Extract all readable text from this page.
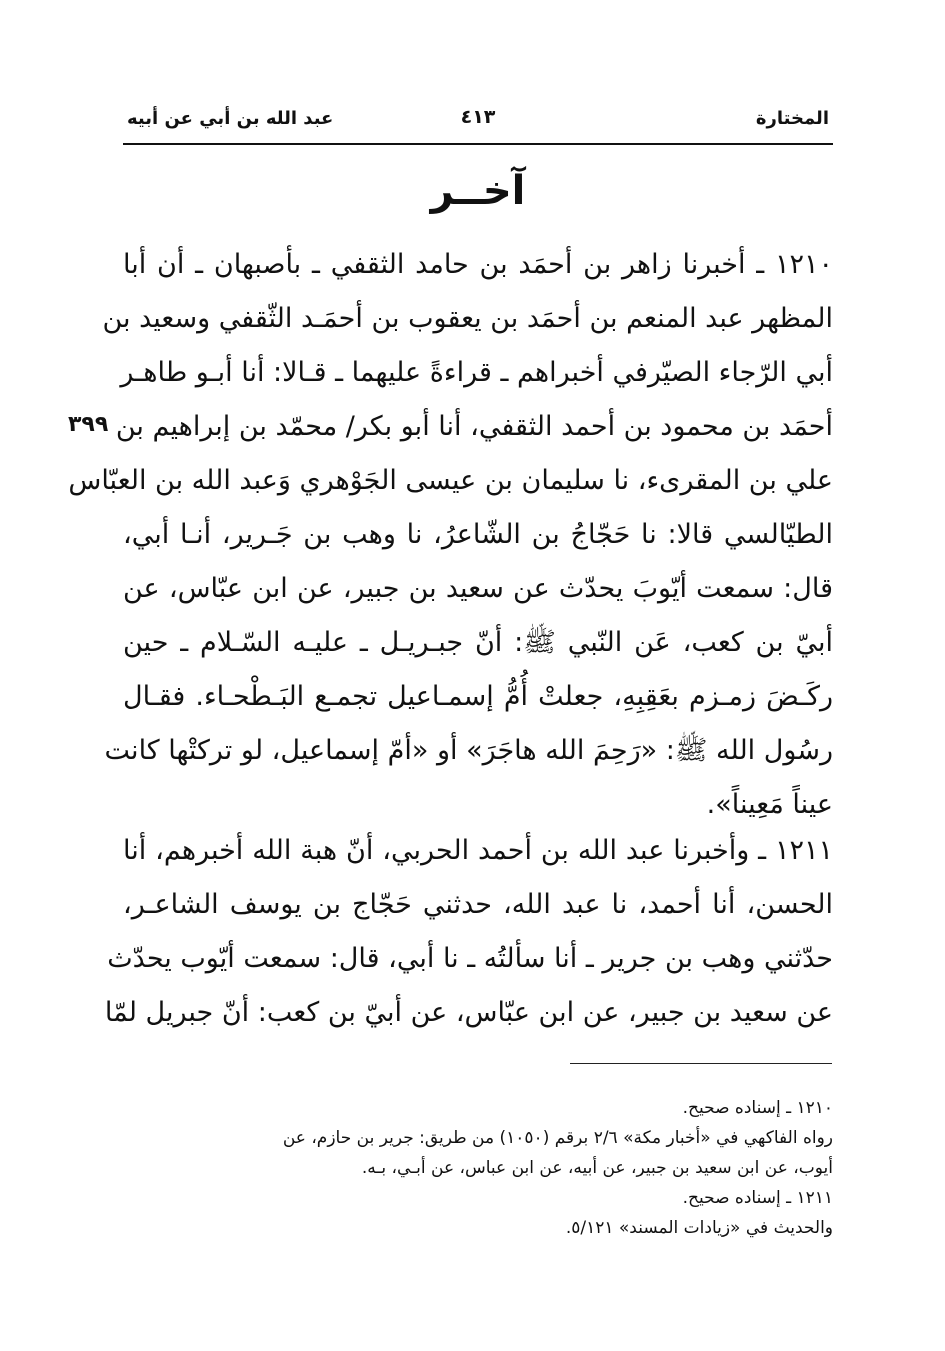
المختارة
٤١٣
عبد الله بن أبي عن أبيه
آخــر
٣٩٩
١٢١٠ ـ أخبرنا زاهر بن أحمَد بن حامد الثقفي ـ بأصبهان ـ أن أبا
المظهر عبد المنعم بن أحمَد بن يعقوب بن أحمَـد الثّقفي وسعيد بن
أبي الرّجاء الصيّرفي أخبراهم ـ قراءةً عليهما ـ قـالا: أنا أبـو طاهـر
أحمَد بن محمود بن أحمد الثقفي، أنا أبو بكر/ محمّد بن إبراهيم بن
علي بن المقرىء، نا سليمان بن عيسى الجَوْهري وَعبد الله بن العبّاس
الطيّالسي قالا: نا حَجّاجُ بن الشّاعرُ، نا وهب بن جَـرير، أنـا أبي،
قال: سمعت أيّوبَ يحدّث عن سعيد بن جبير، عن ابن عبّاس، عن
أبيّ بن كعب، عَن النّبي ﷺ: أنّ جبـريـل ـ عليـه السّـلام ـ حين
ركَـضَ زمـزم بعَقِبِهِ، جعلتْ أُمُّ إسمـاعيل تجمـع البَـطْحـاء. فقـال
رسُول الله ﷺ: «رَحِمَ الله هاجَرَ» أو «أمّ إسماعيل، لو تركتْها كانت
عيناً مَعِيناً».
١٢١١ ـ وأخبرنا عبد الله بن أحمد الحربي، أنّ هبة الله أخبرهم، أنا
الحسن، أنا أحمد، نا عبد الله، حدثني حَجّاج بن يوسف الشاعـر،
حدّثني وهب بن جرير ـ أنا سألتُه ـ نا أبي، قال: سمعت أيّوب يحدّث
عن سعيد بن جبير، عن ابن عبّاس، عن أبيّ بن كعب: أنّ جبريل لمّا
١٢١٠ ـ إسناده صحيح.
رواه الفاكهي في «أخبار مكة» ٢/٦ برقم (١٠٥٠) من طريق: جرير بن حازم، عن
أيوب، عن ابن سعيد بن جبير، عن أبيه، عن ابن عباس، عن أبـي، بـه.
١٢١١ ـ إسناده صحيح.
والحديث في «زيادات المسند» ٥/١٢١.
